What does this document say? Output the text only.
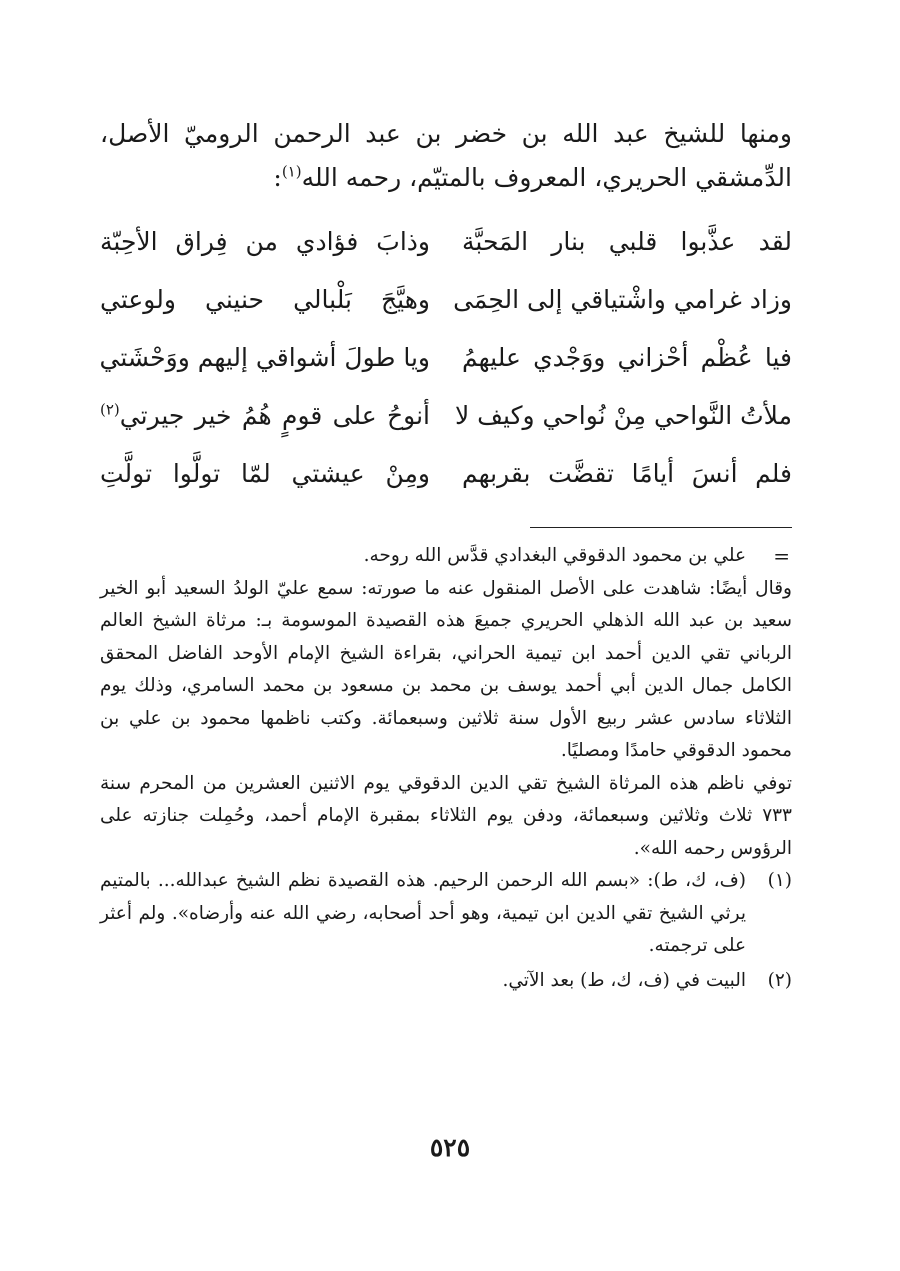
ومنها للشيخ عبد الله بن خضر بن عبد الرحمن الروميّ الأصل، الدِّمشقي الحريري، المعروف بالمتيّم، رحمه الله$^{(١)}$:

لقد عذَّبوا قلبي بنار المَحبَّة
وذابَ فؤادي من فِراق الأحِبّة
وزاد غرامي واشْتياقي إلى الحِمَى
وهيَّجَ بَلْبالي حنيني ولوعتي
فيا عُظْم أحْزاني ووَجْدي عليهمُ
ويا طولَ أشواقي إليهم ووَحْشَتي
ملأتُ النَّواحي مِنْ نُواحي وكيف لا
أنوحُ على قومٍ هُمُ خير جيرتي$^{(٢)}$
فلم أنسَ أيامًا تقضَّت بقربهم
ومِنْ عيشتي لمّا تولَّوا تولَّتِ
=
علي بن محمود الدقوقي البغدادي قدَّس الله روحه.
وقال أيضًا: شاهدت على الأصل المنقول عنه ما صورته: سمع عليّ الولدُ السعيد أبو الخير سعيد بن عبد الله الذهلي الحريري جميعَ هذه القصيدة الموسومة بـ: مرثاة الشيخ العالم الرباني تقي الدين أحمد ابن تيمية الحراني، بقراءة الشيخ الإمام الأوحد الفاضل المحقق الكامل جمال الدين أبي أحمد يوسف بن محمد بن مسعود بن محمد السامري، وذلك يوم الثلاثاء سادس عشر ربيع الأول سنة ثلاثين وسبعمائة. وكتب ناظمها محمود بن علي بن محمود الدقوقي حامدًا ومصليًا.
توفي ناظم هذه المرثاة الشيخ تقي الدين الدقوقي يوم الاثنين العشرين من المحرم سنة ٧٣٣ ثلاث وثلاثين وسبعمائة، ودفن يوم الثلاثاء بمقبرة الإمام أحمد، وحُمِلت جنازته على الرؤوس رحمه الله».
(١)
(ف، ك، ط): «بسم الله الرحمن الرحيم. هذه القصيدة نظم الشيخ عبدالله... بالمتيم يرثي الشيخ تقي الدين ابن تيمية، وهو أحد أصحابه، رضي الله عنه وأرضاه». ولم أعثر على ترجمته.
(٢)
البيت في (ف، ك، ط) بعد الآتي.
٥٢٥
